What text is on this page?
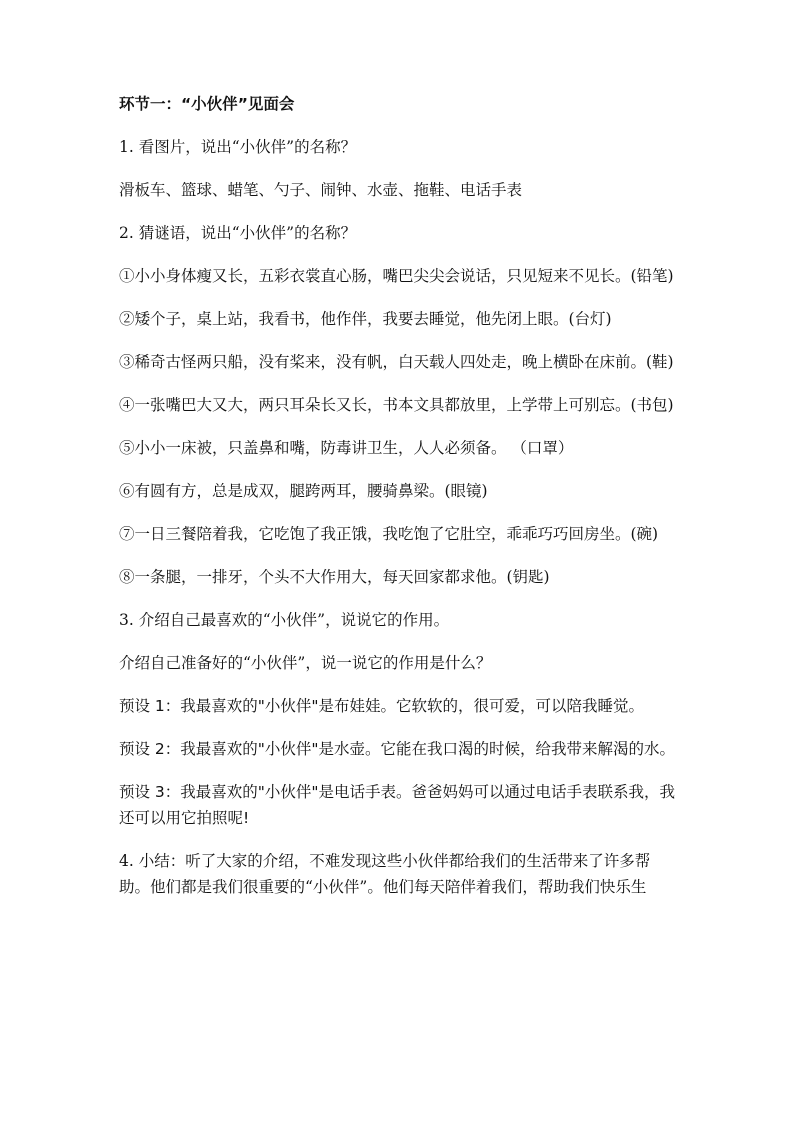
环节一：“小伙伴”见面会

1. 看图片，说出“小伙伴”的名称？

滑板车、篮球、蜡笔、勺子、闹钟、水壶、拖鞋、电话手表

2. 猜谜语，说出“小伙伴”的名称？

①小小身体瘦又长，五彩衣裳直心肠，嘴巴尖尖会说话，只见短来不见长。(铅笔)

②矮个子，桌上站，我看书，他作伴，我要去睡觉，他先闭上眼。(台灯)

③稀奇古怪两只船，没有桨来，没有帆，白天载人四处走，晚上横卧在床前。(鞋)

④一张嘴巴大又大，两只耳朵长又长，书本文具都放里，上学带上可别忘。(书包)

⑤小小一床被，只盖鼻和嘴，防毒讲卫生，人人必须备。 （口罩）

⑥有圆有方，总是成双，腿跨两耳，腰骑鼻梁。(眼镜)

⑦一日三餐陪着我，它吃饱了我正饿，我吃饱了它肚空，乖乖巧巧回房坐。(碗)

⑧一条腿，一排牙，个头不大作用大，每天回家都求他。(钥匙)

3. 介绍自己最喜欢的“小伙伴”，说说它的作用。

介绍自己准备好的“小伙伴”，说一说它的作用是什么？

预设 1：我最喜欢的"小伙伴"是布娃娃。它软软的，很可爱，可以陪我睡觉。

预设 2：我最喜欢的"小伙伴"是水壶。它能在我口渴的时候，给我带来解渴的水。

预设 3：我最喜欢的"小伙伴"是电话手表。爸爸妈妈可以通过电话手表联系我，我还可以用它拍照呢!

4. 小结：听了大家的介绍，不难发现这些小伙伴都给我们的生活带来了许多帮助。他们都是我们很重要的“小伙伴”。他们每天陪伴着我们，帮助我们快乐生
